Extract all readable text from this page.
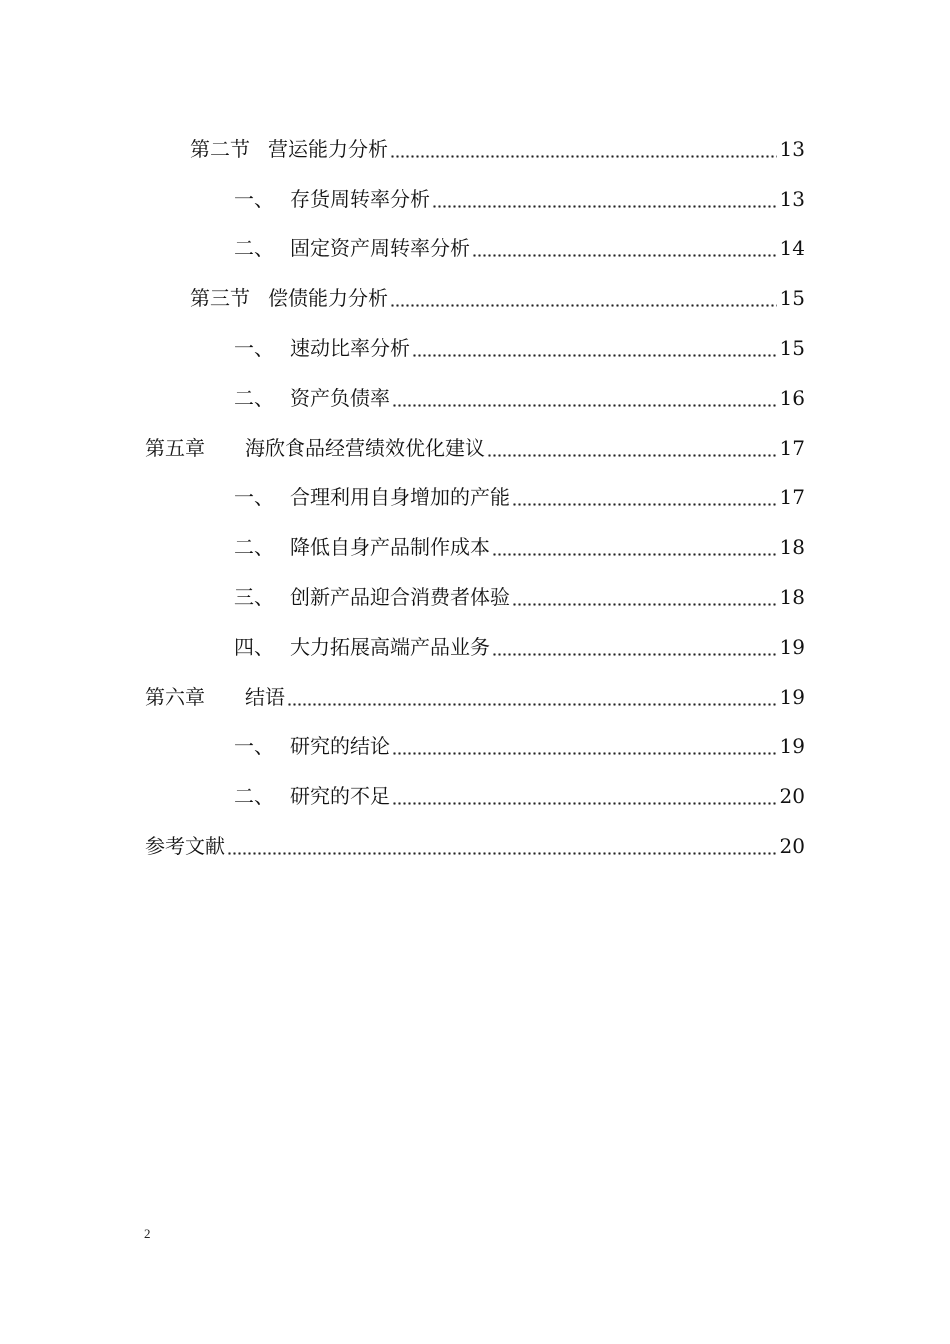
第二节 营运能力分析	13
一、 存货周转率分析	13
二、 固定资产周转率分析	14
第三节 偿债能力分析	15
一、 速动比率分析	15
二、 资产负债率	16
第五章	海欣食品经营绩效优化建议	17
一、 合理利用自身增加的产能	17
二、 降低自身产品制作成本	18
三、 创新产品迎合消费者体验	18
四、 大力拓展高端产品业务	19
第六章	结语	19
一、 研究的结论	19
二、 研究的不足	20
参考文献	20
2
